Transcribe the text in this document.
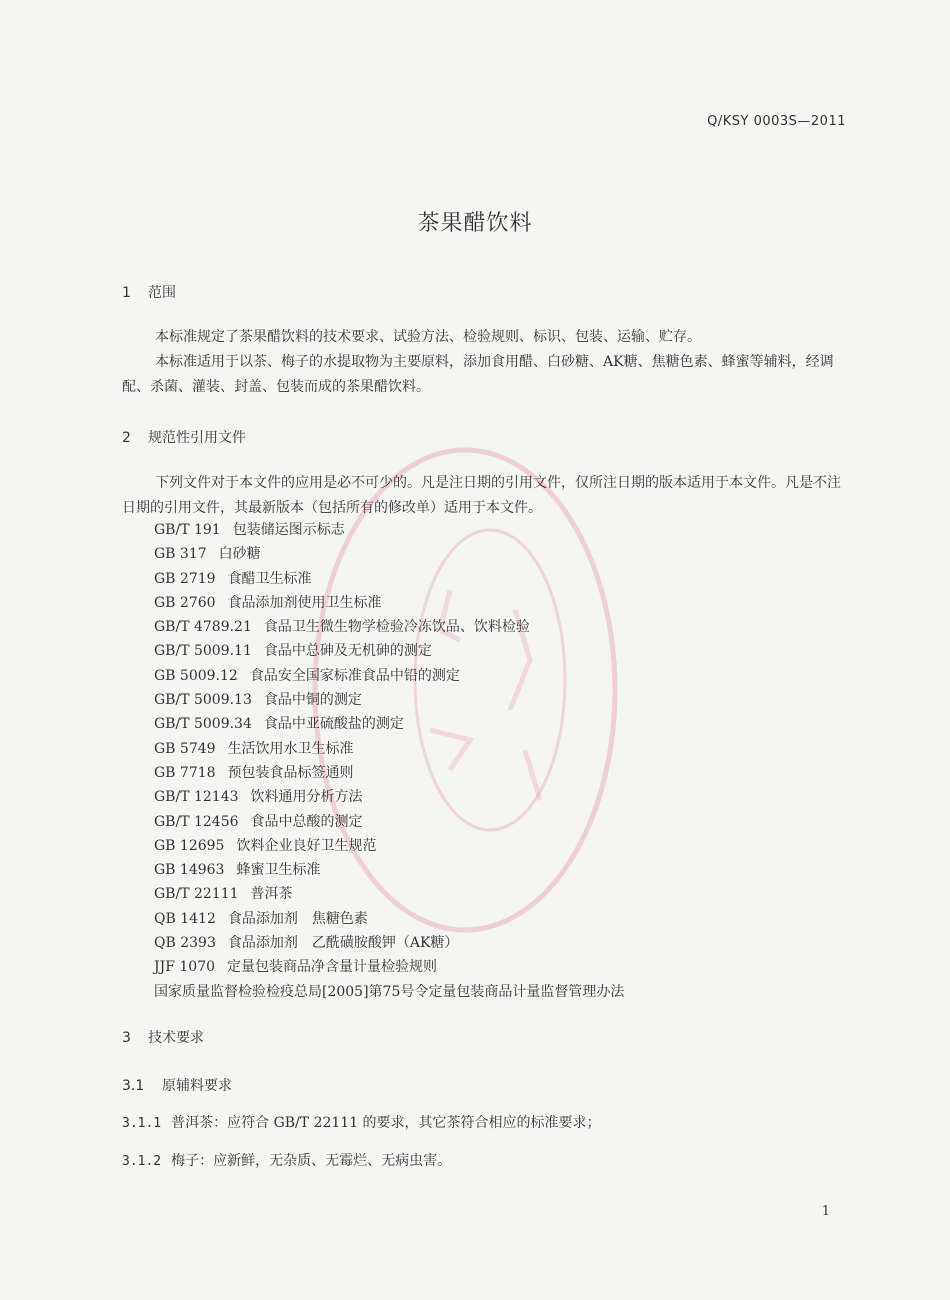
Q/KSY 0003S—2011
茶果醋饮料
1 范围
本标准规定了茶果醋饮料的技术要求、试验方法、检验规则、标识、包装、运输、贮存。
本标准适用于以茶、梅子的水提取物为主要原料，添加食用醋、白砂糖、AK糖、焦糖色素、蜂蜜等辅料，经调配、杀菌、灌装、封盖、包装而成的茶果醋饮料。
2 规范性引用文件
下列文件对于本文件的应用是必不可少的。凡是注日期的引用文件，仅所注日期的版本适用于本文件。凡是不注日期的引用文件，其最新版本（包括所有的修改单）适用于本文件。
GB/T 191 包装储运图示标志
GB 317 白砂糖
GB 2719 食醋卫生标准
GB 2760 食品添加剂使用卫生标准
GB/T 4789.21 食品卫生微生物学检验冷冻饮品、饮料检验
GB/T 5009.11 食品中总砷及无机砷的测定
GB 5009.12 食品安全国家标准食品中铅的测定
GB/T 5009.13 食品中铜的测定
GB/T 5009.34 食品中亚硫酸盐的测定
GB 5749 生活饮用水卫生标准
GB 7718 预包装食品标签通则
GB/T 12143 饮料通用分析方法
GB/T 12456 食品中总酸的测定
GB 12695 饮料企业良好卫生规范
GB 14963 蜂蜜卫生标准
GB/T 22111 普洱茶
QB 1412 食品添加剂　焦糖色素
QB 2393 食品添加剂　乙酰磺胺酸钾（AK糖）
JJF 1070 定量包装商品净含量计量检验规则
国家质量监督检验检疫总局[2005]第75号令定量包装商品计量监督管理办法
3 技术要求
3.1 原辅料要求
3.1.1 普洱茶：应符合 GB/T 22111 的要求，其它茶符合相应的标准要求；
3.1.2 梅子：应新鲜，无杂质、无霉烂、无病虫害。
1
